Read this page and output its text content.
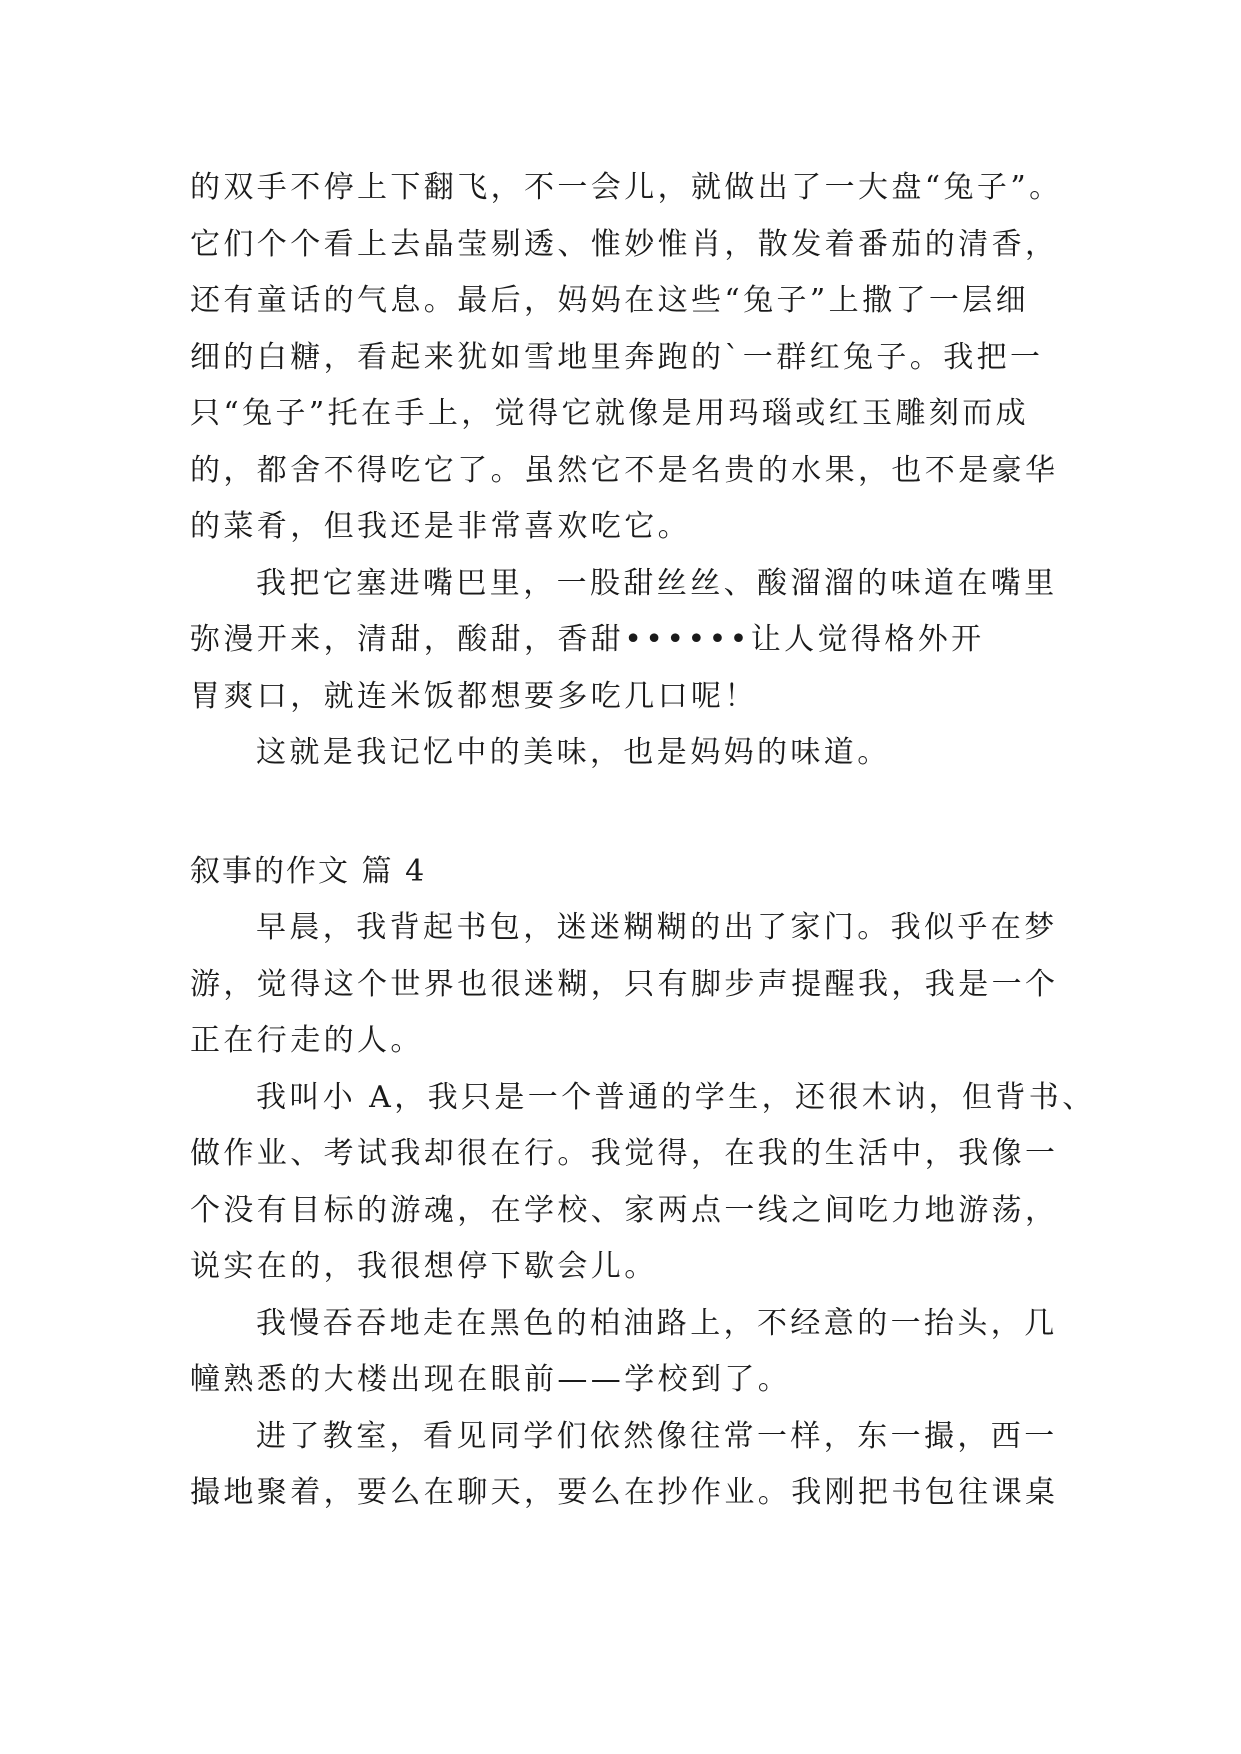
的双手不停上下翻飞，不一会儿，就做出了一大盘“兔子”。
它们个个看上去晶莹剔透、惟妙惟肖，散发着番茄的清香，
还有童话的气息。最后，妈妈在这些“兔子”上撒了一层细
细的白糖，看起来犹如雪地里奔跑的`一群红兔子。我把一
只“兔子”托在手上，觉得它就像是用玛瑙或红玉雕刻而成
的，都舍不得吃它了。虽然它不是名贵的水果，也不是豪华
的菜肴，但我还是非常喜欢吃它。

我把它塞进嘴巴里，一股甜丝丝、酸溜溜的味道在嘴里
弥漫开来，清甜，酸甜，香甜••••••让人觉得格外开
胃爽口，就连米饭都想要多吃几口呢！

这就是我记忆中的美味，也是妈妈的味道。

叙事的作文 篇 4

早晨，我背起书包，迷迷糊糊的出了家门。我似乎在梦
游，觉得这个世界也很迷糊，只有脚步声提醒我，我是一个
正在行走的人。

我叫小 A，我只是一个普通的学生，还很木讷，但背书、
做作业、考试我却很在行。我觉得，在我的生活中，我像一
个没有目标的游魂，在学校、家两点一线之间吃力地游荡，
说实在的，我很想停下歇会儿。

我慢吞吞地走在黑色的柏油路上，不经意的一抬头，几
幢熟悉的大楼出现在眼前——学校到了。

进了教室，看见同学们依然像往常一样，东一撮，西一
撮地聚着，要么在聊天，要么在抄作业。我刚把书包往课桌
